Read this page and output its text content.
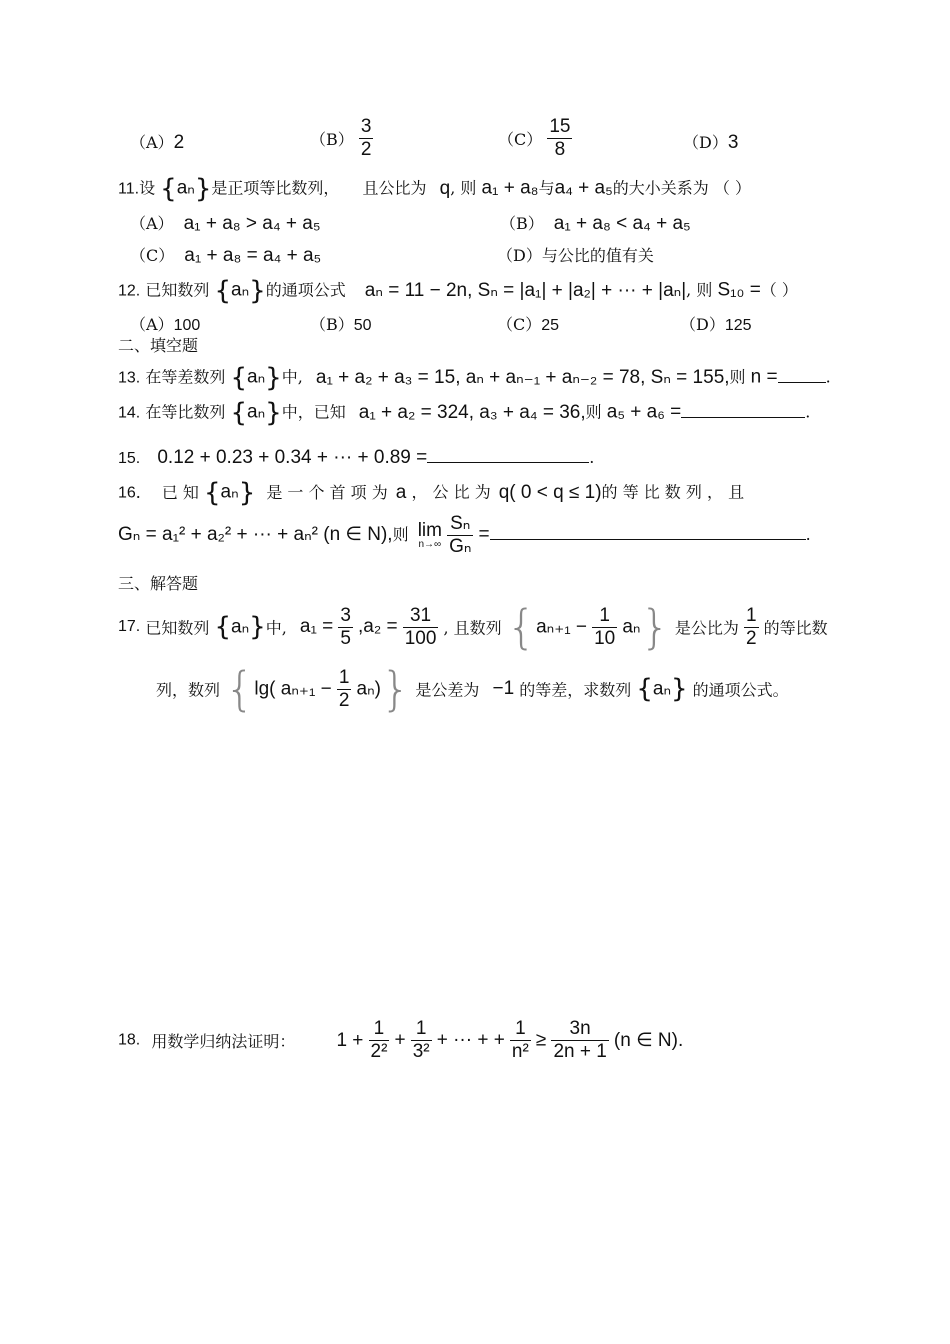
（A）2	$(B) \frac{3}{2}$	$(C) \frac{15}{8}$	（D）3
11.设 {aₙ}是正项等比数列， 且公比为 q, 则 a₁ + a₈与a₄ + a₅的大小关系为 （ ）
（A） a₁ + a₈ > a₄ + a₅	（B） a₁ + a₈ < a₄ + a₅
（C） a₁ + a₈ = a₄ + a₅	（D）与公比的值有关
12. 已知数列 {aₙ}的通项公式 aₙ = 11 − 2n, Sₙ = |a₁| + |a₂| + ··· + |aₙ|, 则 S₁₀ =（ ）
（A）100	（B）50	（C）25	（D）125
二、填空题
13. 在等差数列 {aₙ}中, a₁ + a₂ + a₃ = 15, aₙ + aₙ₋₁ + aₙ₋₂ = 78, Sₙ = 155,则 n =	.
14. 在等比数列 {aₙ}中，已知 a₁ + a₂ = 324, a₃ + a₄ = 36,则 a₅ + a₆ =	.
15. 0.12 + 0.23 + 0.34 + ··· + 0.89 =	.
16． 已 知 {aₙ} 是 一 个 首 项 为 a ， 公 比 为 q( 0 < q ≤ 1)的 等 比 数 列 ， 且
Gₙ = a₁² + a₂² + ··· + aₙ² (n ∈ N),则 lim
n→∞
$\frac{\text{Sₙ}}{\text{Gₙ}}$ =	.
三、解答题
17. 已知数列 {aₙ}中, $a_1 = \frac{3}{5} ,a_2 = \frac{31}{100}$ , 且数列 $\{a_{n+1} - \frac{1}{10} a_n\}$ 是公比为 $\frac{1}{2}$ 的等比数
列，数列 {lg( $a_{n+1} - \frac{1}{2} a_n$)} 是公差为 −1 的等差，求数列 {aₙ} 的通项公式。
18. 用数学归纳法证明： $1 + \frac{1}{\text{2²}} + \frac{1}{\text{3²}}$ + ··· + + $\frac{1}{\text{n²}} \ge \frac{3n}{2n + 1} (n$ ∈ N).
